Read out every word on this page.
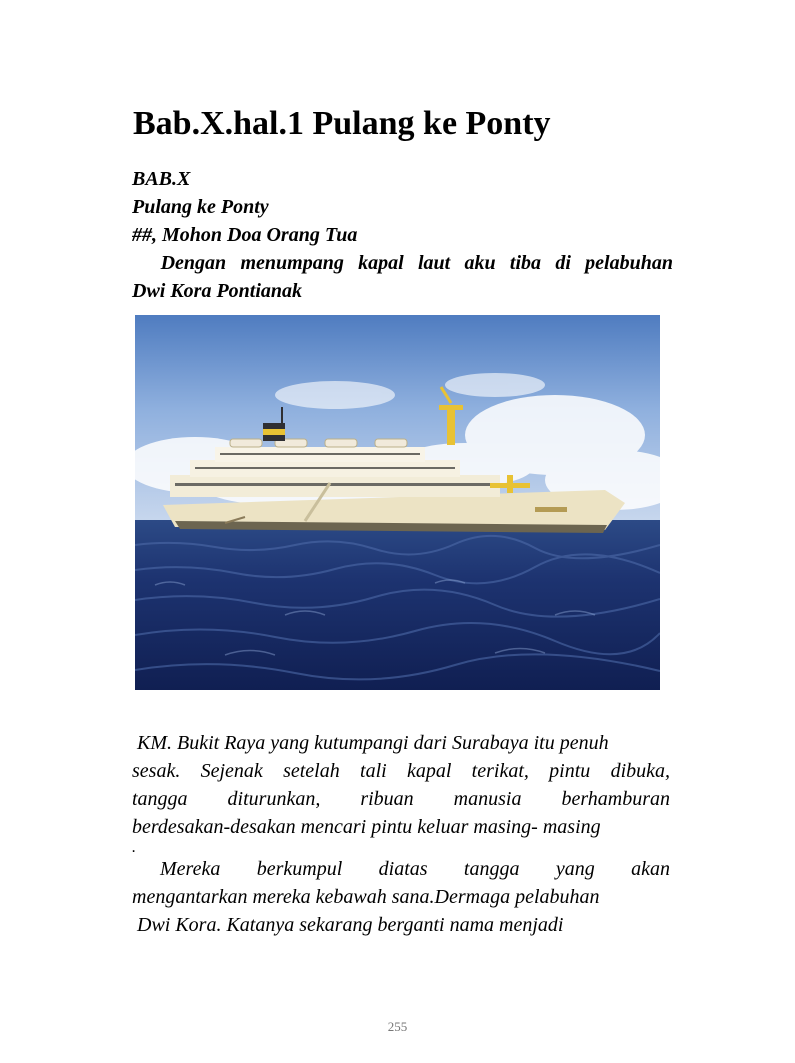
Bab.X.hal.1 Pulang ke Ponty
BAB.X
Pulang ke Ponty
##, Mohon Doa Orang Tua
Dengan menumpang kapal laut aku tiba di pelabuhan
Dwi Kora Pontianak
KM. Bukit Raya yang kutumpangi dari Surabaya itu penuh
sesak. Sejenak setelah tali kapal terikat, pintu dibuka,
tangga diturunkan, ribuan manusia berhamburan
berdesakan-desakan mencari pintu keluar masing- masing
.
Mereka berkumpul diatas tangga yang akan
mengantarkan mereka kebawah sana.Dermaga pelabuhan
Dwi Kora. Katanya sekarang berganti nama menjadi
255
